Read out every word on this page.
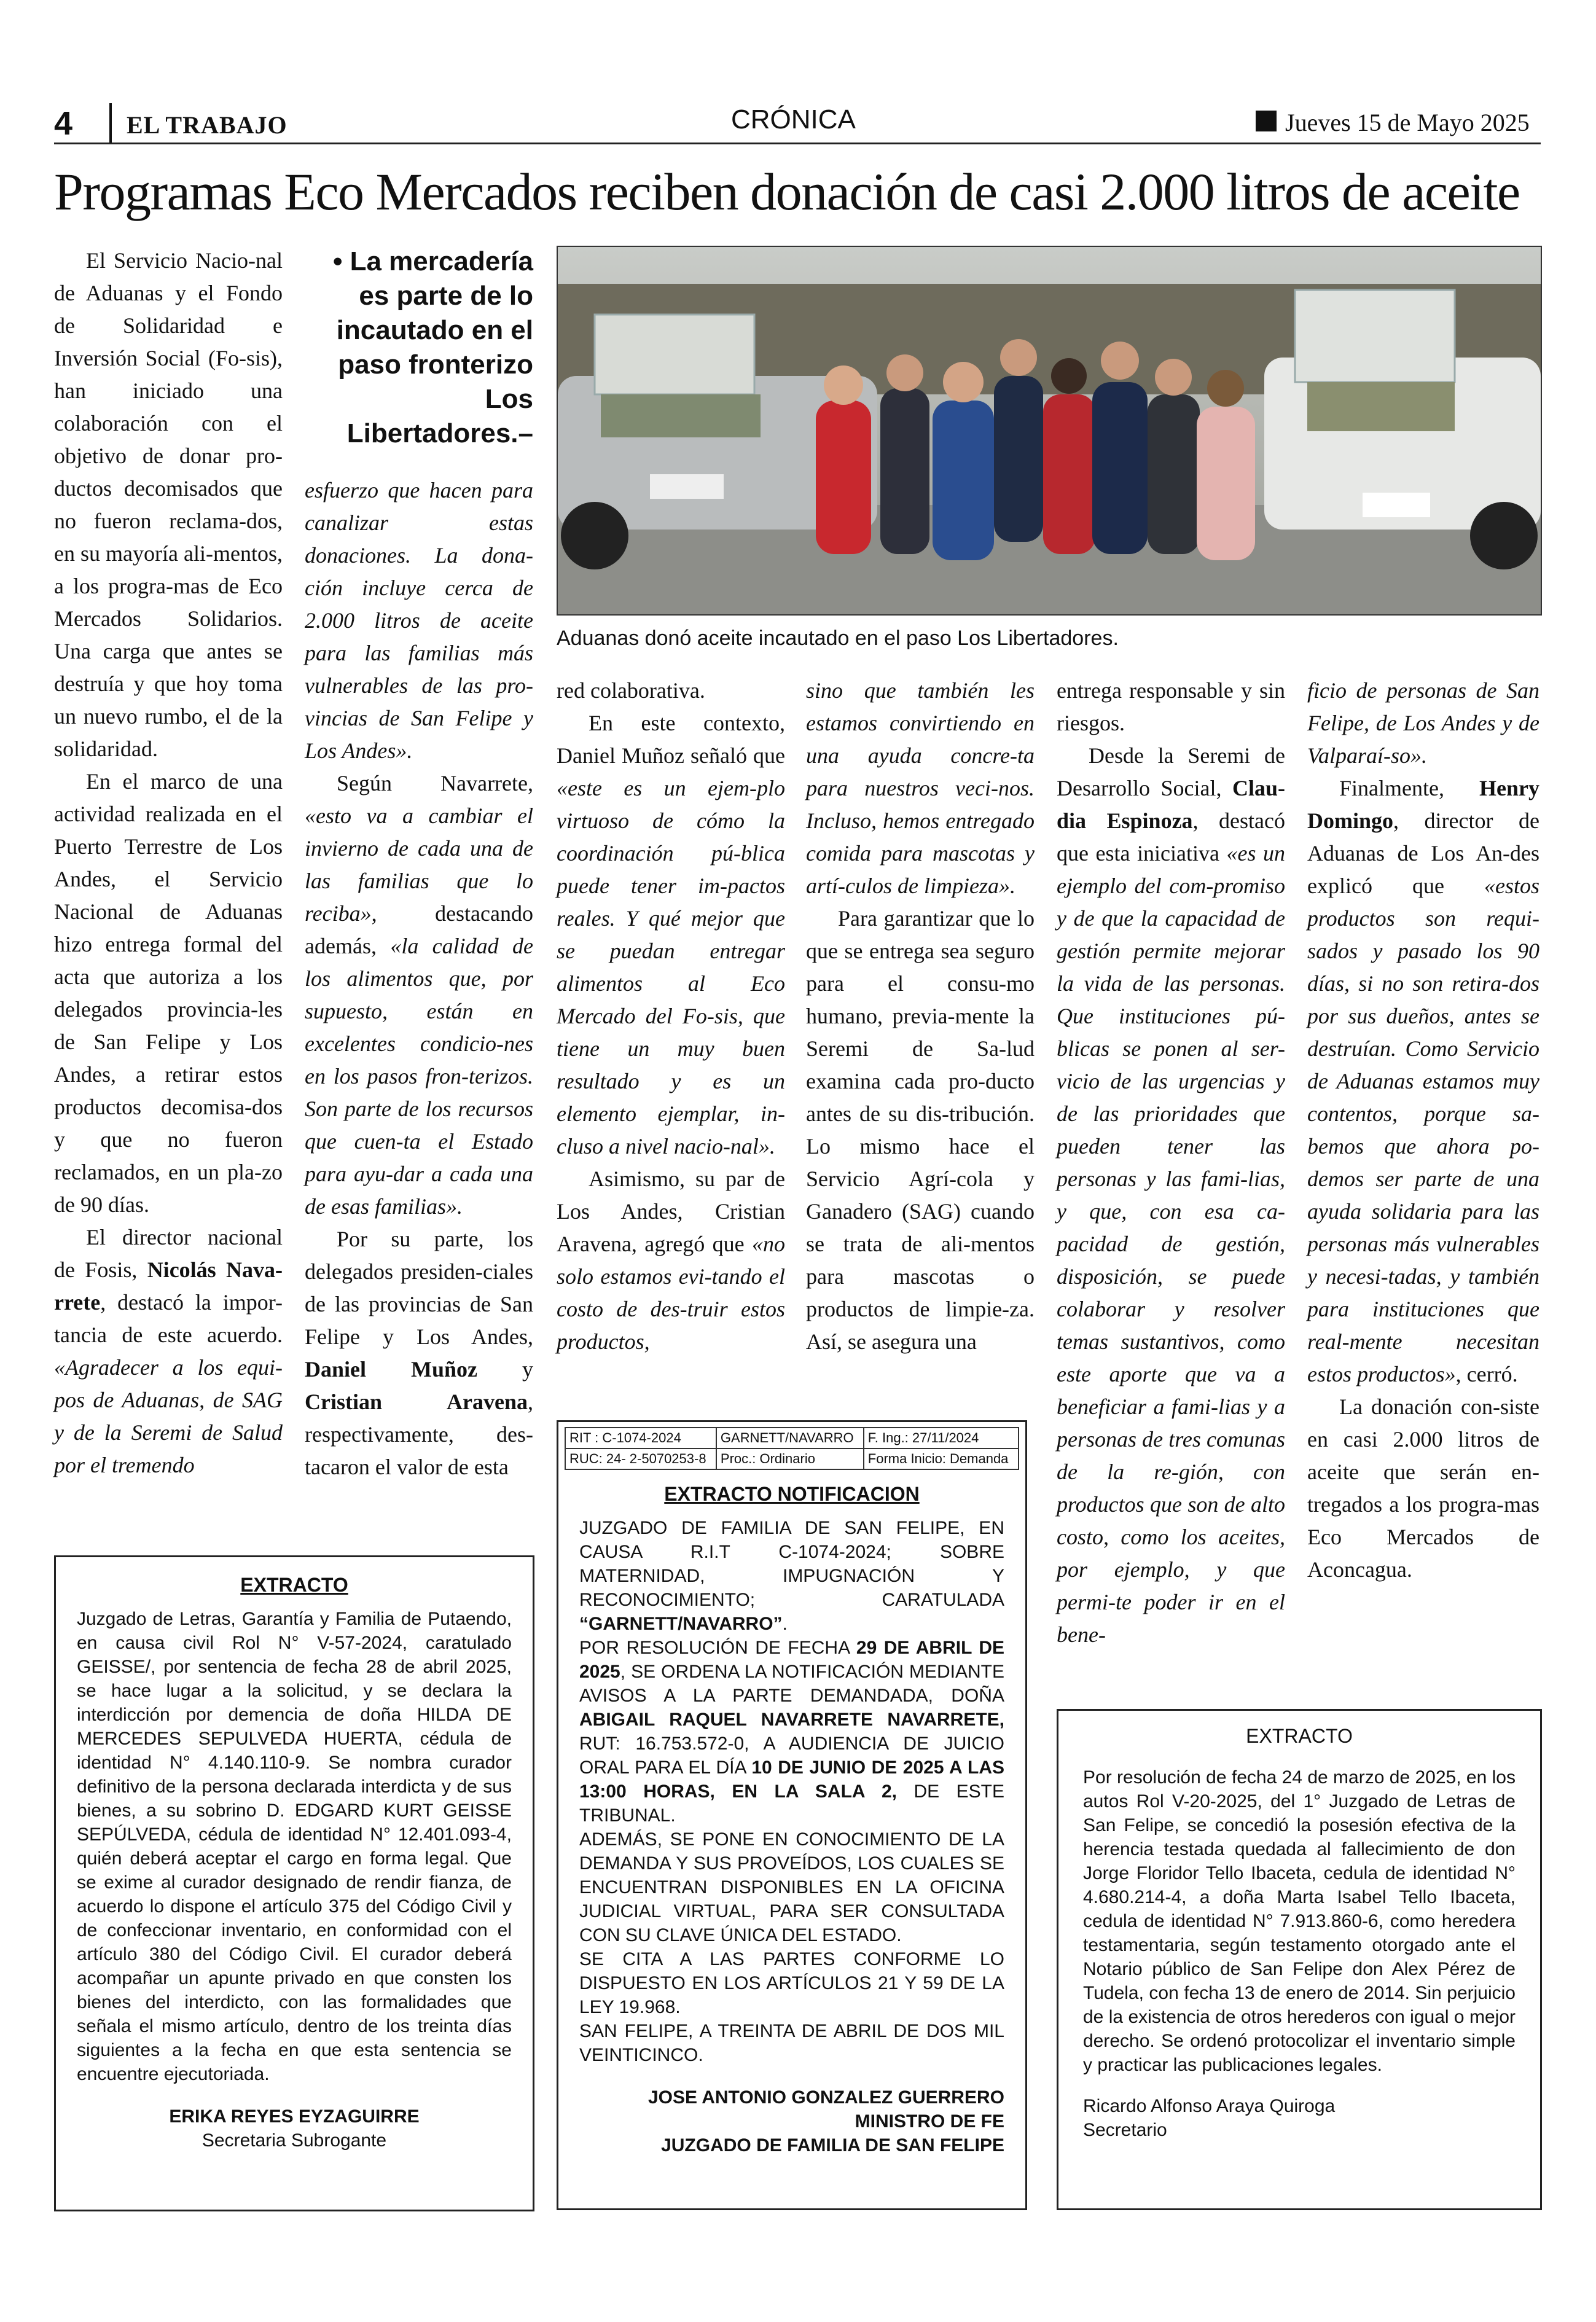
4 EL TRABAJO	CRÓNICA	Jueves 15 de Mayo 2025
Programas Eco Mercados reciben donación de casi 2.000 litros de aceite

El Servicio Nacio-nal de Aduanas y el Fondo de Solidaridad e Inversión Social (Fo-sis), han iniciado una colaboración con el objetivo de donar pro-ductos decomisados que no fueron reclama-dos, en su mayoría ali-mentos, a los progra-mas de Eco Mercados Solidarios. Una carga que antes se destruía y que hoy toma un nuevo rumbo, el de la solidaridad.

En el marco de una actividad realizada en el Puerto Terrestre de Los Andes, el Servicio Nacional de Aduanas hizo entrega formal del acta que autoriza a los delegados provincia-les de San Felipe y Los Andes, a retirar estos productos decomisa-dos y que no fueron reclamados, en un pla-zo de 90 días.

El director nacional de Fosis, Nicolás Nava-rrete, destacó la impor-tancia de este acuerdo. «Agradecer a los equi-pos de Aduanas, de SAG y de la Seremi de Salud por el tremendo

• La mercadería es parte de lo incautado en el paso fronterizo Los Libertadores.–

esfuerzo que hacen para canalizar estas donaciones. La dona-ción incluye cerca de 2.000 litros de aceite para las familias más vulnerables de las pro-vincias de San Felipe y Los Andes».

Según Navarrete, «esto va a cambiar el invierno de cada una de las familias que lo reciba», destacando además, «la calidad de los alimentos que, por supuesto, están en excelentes condicio-nes en los pasos fron-terizos. Son parte de los recursos que cuen-ta el Estado para ayu-dar a cada una de esas familias».

Por su parte, los delegados presiden-ciales de las provincias de San Felipe y Los Andes, Daniel Muñoz y Cristian Aravena, respectivamente, des-tacaron el valor de esta

Aduanas donó aceite incautado en el paso Los Libertadores.

red colaborativa.

En este contexto, Daniel Muñoz señaló que «este es un ejem-plo virtuoso de cómo la coordinación pú-blica puede tener im-pactos reales. Y qué mejor que se puedan entregar alimentos al Eco Mercado del Fo-sis, que tiene un muy buen resultado y es un elemento ejemplar, in-cluso a nivel nacio-nal».

Asimismo, su par de Los Andes, Cristian Aravena, agregó que «no solo estamos evi-tando el costo de des-truir estos productos,

sino que también les estamos convirtiendo en una ayuda concre-ta para nuestros veci-nos. Incluso, hemos entregado comida para mascotas y artí-culos de limpieza».

Para garantizar que lo que se entrega sea seguro para el consu-mo humano, previa-mente la Seremi de Sa-lud examina cada pro-ducto antes de su dis-tribución. Lo mismo hace el Servicio Agrí-cola y Ganadero (SAG) cuando se trata de ali-mentos para mascotas o productos de limpie-za. Así, se asegura una

entrega responsable y sin riesgos.

Desde la Seremi de Desarrollo Social, Clau-dia Espinoza, destacó que esta iniciativa «es un ejemplo del com-promiso y de que la capacidad de gestión permite mejorar la vida de las personas. Que instituciones pú-blicas se ponen al ser-vicio de las urgencias y de las prioridades que pueden tener las personas y las fami-lias, y que, con esa ca-pacidad de gestión, disposición, se puede colaborar y resolver temas sustantivos, como este aporte que va a beneficiar a fami-lias y a personas de tres comunas de la re-gión, con productos que son de alto costo, como los aceites, por ejemplo, y que permi-te poder ir en el bene-

ficio de personas de San Felipe, de Los Andes y de Valparaí-so».

Finalmente, Henry Domingo, director de Aduanas de Los An-des explicó que «estos productos son requi-sados y pasado los 90 días, si no son retira-dos por sus dueños, antes se destruían. Como Servicio de Aduanas estamos muy contentos, porque sa-bemos que ahora po-demos ser parte de una ayuda solidaria para las personas más vulnerables y necesi-tadas, y también para instituciones que real-mente necesitan estos productos», cerró.

La donación con-siste en casi 2.000 litros de aceite que serán en-tregados a los progra-mas Eco Mercados de Aconcagua.

EXTRACTO

Juzgado de Letras, Garantía y Familia de Putaendo, en causa civil Rol N° V-57-2024, caratulado GEISSE/, por sentencia de fecha 28 de abril 2025, se hace lugar a la solicitud, y se declara la interdicción por demencia de doña HILDA DE MERCEDES SEPULVEDA HUERTA, cédula de identidad N° 4.140.110-9. Se nombra curador definitivo de la persona declarada interdicta y de sus bienes, a su sobrino D. EDGARD KURT GEISSE SEPÚLVEDA, cédula de identidad N° 12.401.093-4, quién deberá aceptar el cargo en forma legal. Que se exime al curador designado de rendir fianza, de acuerdo lo dispone el artículo 375 del Código Civil y de confeccionar inventario, en conformidad con el artículo 380 del Código Civil. El curador deberá acompañar un apunte privado en que consten los bienes del interdicto, con las formalidades que señala el mismo artículo, dentro de los treinta días siguientes a la fecha en que esta sentencia se encuentre ejecutoriada.

ERIKA REYES EYZAGUIRRE
Secretaria Subrogante
RIT : C-1074-2024	GARNETT/NAVARRO	F. Ing.: 27/11/2024
RUC: 24- 2-5070253-8	Proc.: Ordinario	Forma Inicio: Demanda
EXTRACTO NOTIFICACION

JUZGADO DE FAMILIA DE SAN FELIPE, EN CAUSA R.I.T C-1074-2024; SOBRE MATERNIDAD, IMPUGNACIÓN Y RECONOCIMIENTO; CARATULADA “GARNETT/NAVARRO”.
POR RESOLUCIÓN DE FECHA 29 DE ABRIL DE 2025, SE ORDENA LA NOTIFICACIÓN MEDIANTE AVISOS A LA PARTE DEMANDADA, DOÑA ABIGAIL RAQUEL NAVARRETE NAVARRETE, RUT: 16.753.572-0, A AUDIENCIA DE JUICIO ORAL PARA EL DÍA 10 DE JUNIO DE 2025 A LAS 13:00 HORAS, EN LA SALA 2, DE ESTE TRIBUNAL.
ADEMÁS, SE PONE EN CONOCIMIENTO DE LA DEMANDA Y SUS PROVEÍDOS, LOS CUALES SE ENCUENTRAN DISPONIBLES EN LA OFICINA JUDICIAL VIRTUAL, PARA SER CONSULTADA CON SU CLAVE ÚNICA DEL ESTADO.
SE CITA A LAS PARTES CONFORME LO DISPUESTO EN LOS ARTÍCULOS 21 Y 59 DE LA LEY 19.968.
SAN FELIPE, A TREINTA DE ABRIL DE DOS MIL VEINTICINCO.

JOSE ANTONIO GONZALEZ GUERRERO
MINISTRO DE FE
JUZGADO DE FAMILIA DE SAN FELIPE
EXTRACTO

Por resolución de fecha 24 de marzo de 2025, en los autos Rol V-20-2025, del 1° Juzgado de Letras de San Felipe, se concedió la posesión efectiva de la herencia testada quedada al fallecimiento de don Jorge Floridor Tello Ibaceta, cedula de identidad N° 4.680.214-4, a doña Marta Isabel Tello Ibaceta, cedula de identidad N° 7.913.860-6, como heredera testamentaria, según testamento otorgado ante el Notario público de San Felipe don Alex Pérez de Tudela, con fecha 13 de enero de 2014. Sin perjuicio de la existencia de otros herederos con igual o mejor derecho. Se ordenó protocolizar el inventario simple y practicar las publicaciones legales.

Ricardo Alfonso Araya Quiroga
Secretario
